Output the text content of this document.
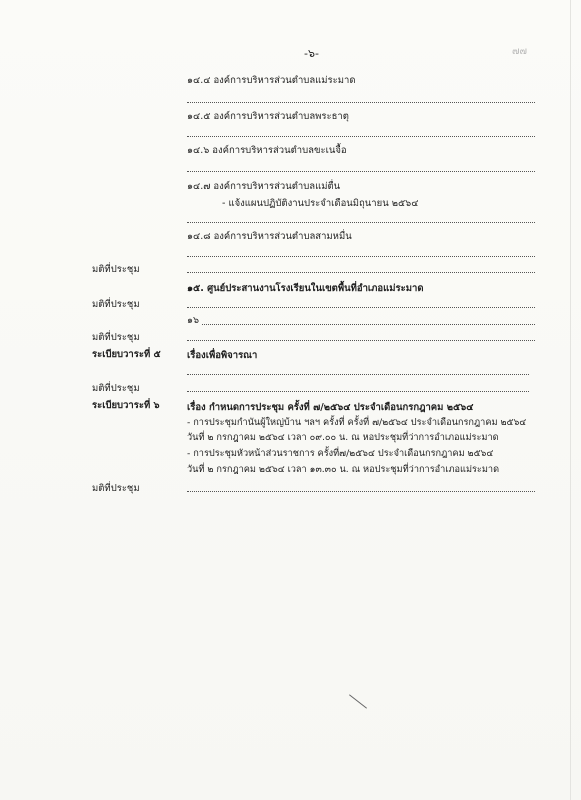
-๖-	๗๗
๑๔.๔ องค์การบริหารส่วนตำบลแม่ระมาด
๑๔.๕ องค์การบริหารส่วนตำบลพระธาตุ
๑๔.๖ องค์การบริหารส่วนตำบลขะเนจื้อ
๑๔.๗ องค์การบริหารส่วนตำบลแม่ตื่น
- แจ้งแผนปฏิบัติงานประจำเดือนมิถุนายน ๒๕๖๔
๑๔.๘ องค์การบริหารส่วนตำบลสามหมื่น
มติที่ประชุม
๑๕. ศูนย์ประสานงานโรงเรียนในเขตพื้นที่อำเภอแม่ระมาด
มติที่ประชุม
๑๖
มติที่ประชุม
ระเบียบวาระที่ ๕	เรื่องเพื่อพิจารณา
มติที่ประชุม
ระเบียบวาระที่ ๖	เรื่อง กำหนดการประชุม ครั้งที่ ๗/๒๕๖๔ ประจำเดือนกรกฎาคม ๒๕๖๔
- การประชุมกำนันผู้ใหญ่บ้าน ฯลฯ ครั้งที่ ครั้งที่ ๗/๒๕๖๔ ประจำเดือนกรกฎาคม ๒๕๖๔
วันที่ ๒ กรกฎาคม ๒๕๖๔ เวลา ๐๙.๐๐ น. ณ หอประชุมที่ว่าการอำเภอแม่ระมาด
- การประชุมหัวหน้าส่วนราชการ ครั้งที่๗/๒๕๖๔ ประจำเดือนกรกฎาคม ๒๕๖๔
วันที่ ๒ กรกฎาคม ๒๕๖๔ เวลา ๑๓.๓๐ น. ณ หอประชุมที่ว่าการอำเภอแม่ระมาด
มติที่ประชุม
